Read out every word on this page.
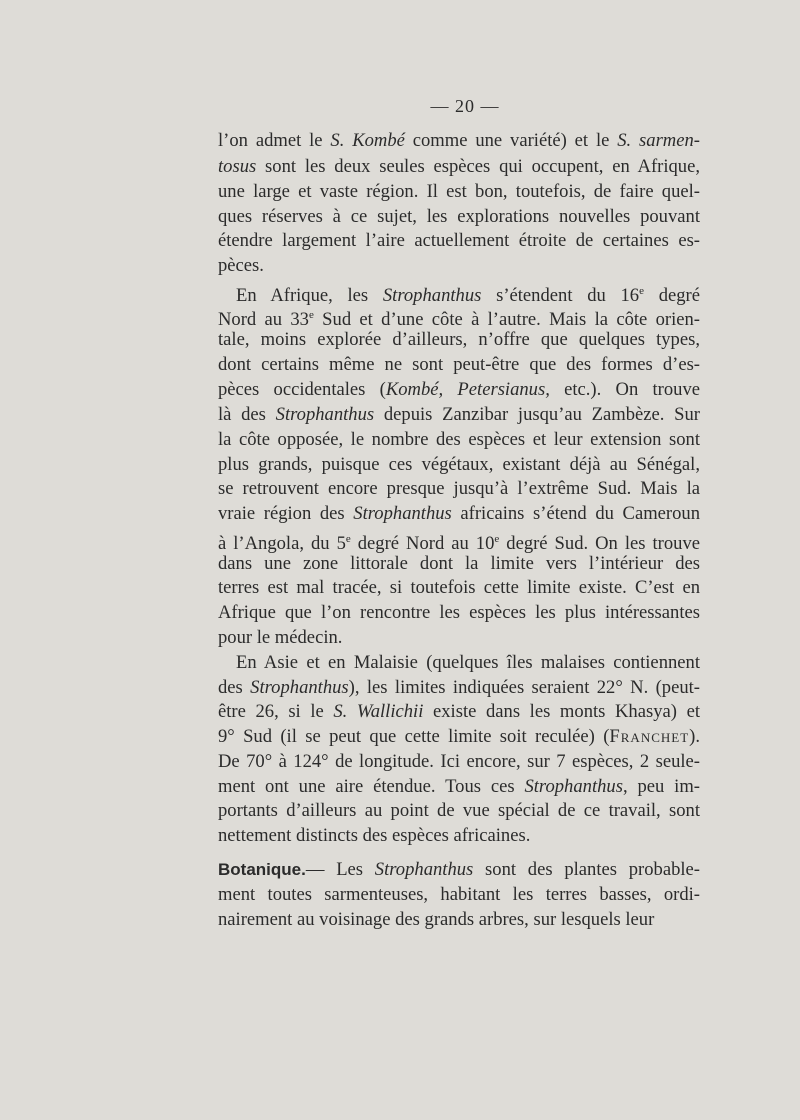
— 20 —
l’on admet le S. Kombé comme une variété) et le S. sarmen-
tosus sont les deux seules espèces qui occupent, en Afrique,
une large et vaste région. Il est bon, toutefois, de faire quel-
ques réserves à ce sujet, les explorations nouvelles pouvant
étendre largement l’aire actuellement étroite de certaines es-
pèces.
En Afrique, les Strophanthus s’étendent du 16e degré
Nord au 33e Sud et d’une côte à l’autre. Mais la côte orien-
tale, moins explorée d’ailleurs, n’offre que quelques types,
dont certains même ne sont peut-être que des formes d’es-
pèces occidentales (Kombé, Petersianus, etc.). On trouve
là des Strophanthus depuis Zanzibar jusqu’au Zambèze. Sur
la côte opposée, le nombre des espèces et leur extension sont
plus grands, puisque ces végétaux, existant déjà au Sénégal,
se retrouvent encore presque jusqu’à l’extrême Sud. Mais la
vraie région des Strophanthus africains s’étend du Cameroun
à l’Angola, du 5e degré Nord au 10e degré Sud. On les trouve
dans une zone littorale dont la limite vers l’intérieur des
terres est mal tracée, si toutefois cette limite existe. C’est en
Afrique que l’on rencontre les espèces les plus intéressantes
pour le médecin.
En Asie et en Malaisie (quelques îles malaises contiennent
des Strophanthus), les limites indiquées seraient 22° N. (peut-
être 26, si le S. Wallichii existe dans les monts Khasya) et
9° Sud (il se peut que cette limite soit reculée) (Franchet).
De 70° à 124° de longitude. Ici encore, sur 7 espèces, 2 seule-
ment ont une aire étendue. Tous ces Strophanthus, peu im-
portants d’ailleurs au point de vue spécial de ce travail, sont
nettement distincts des espèces africaines.
Botanique.— Les Strophanthus sont des plantes probable-
ment toutes sarmenteuses, habitant les terres basses, ordi-
nairement au voisinage des grands arbres, sur lesquels leur
